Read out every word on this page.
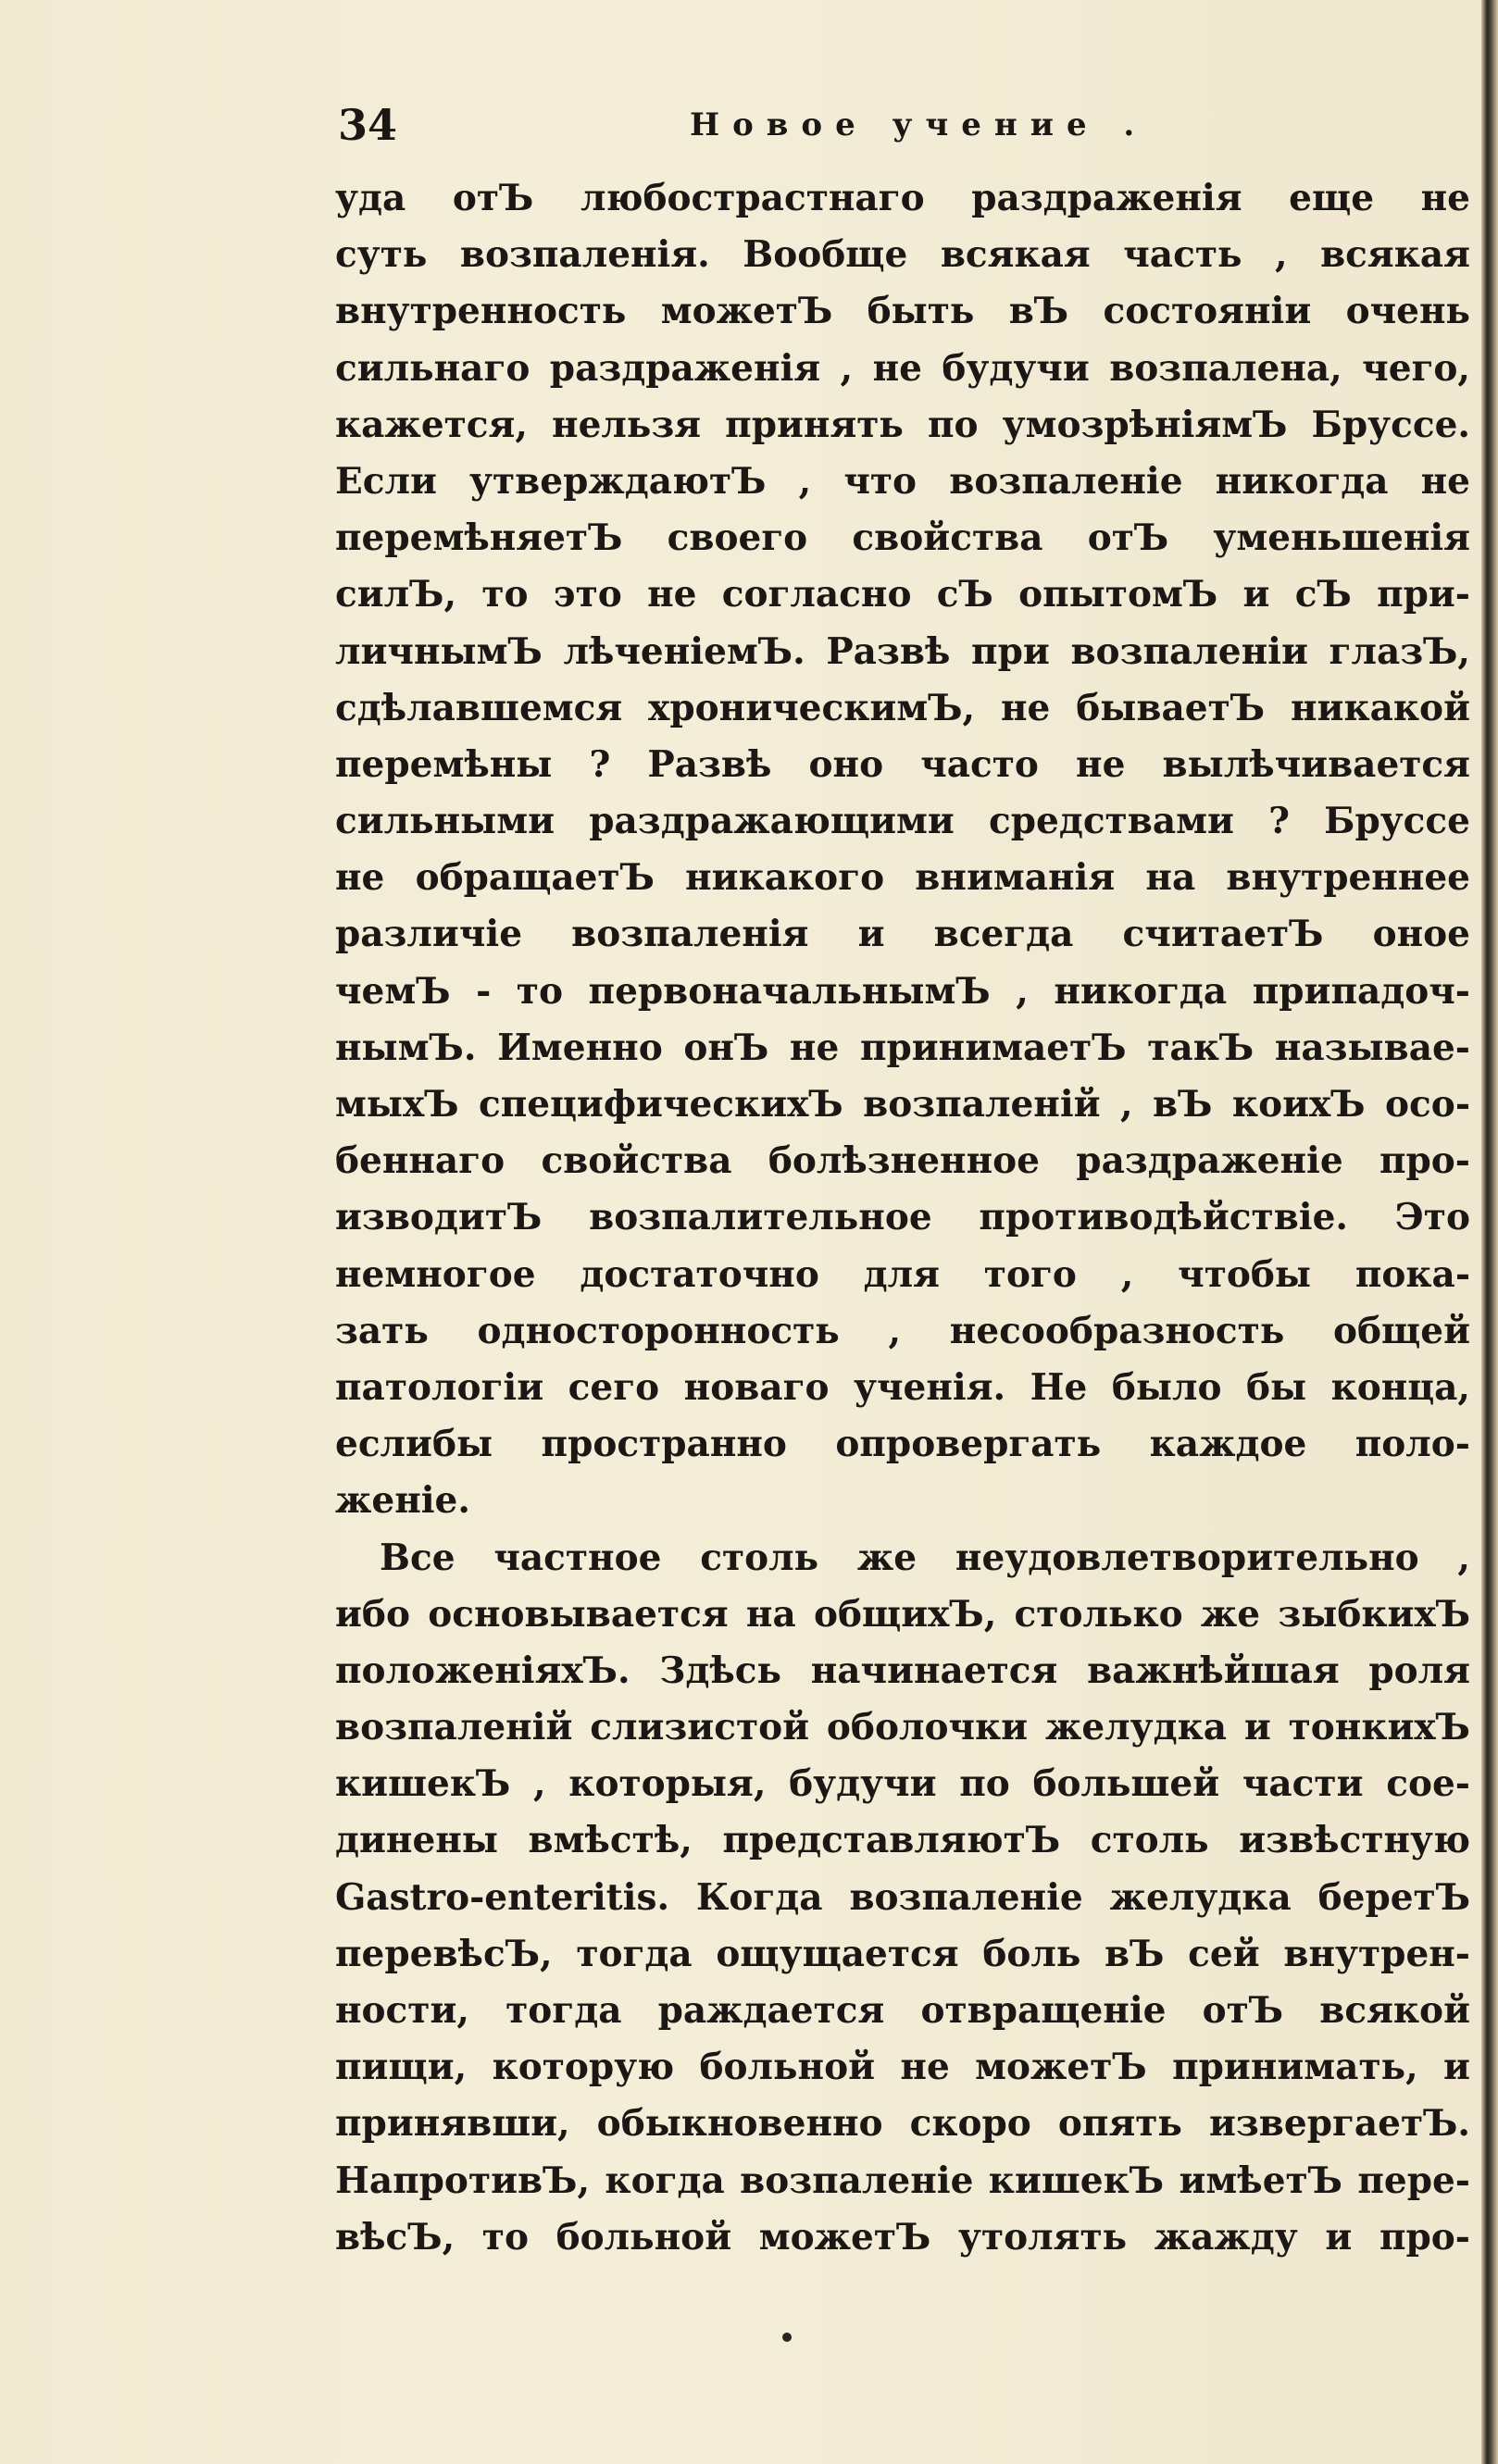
34	Новое учение .
уда отЪ любострастнаго раздраженія еще не
суть возпаленія. Вообще всякая часть , всякая
внутренность можетЪ быть вЪ состояніи очень
сильнаго раздраженія , не будучи возпалена, чего,
кажется, нельзя принять по умозрѣніямЪ Бруссе.
Если утверждаютЪ , что возпаленіе никогда не
перемѣняетЪ своего свойства отЪ уменьшенія
силЪ, то это не согласно сЪ опытомЪ и сЪ при-
личнымЪ лѣченіемЪ. Развѣ при возпаленіи глазЪ,
сдѣлавшемся хроническимЪ, не бываетЪ никакой
перемѣны ? Развѣ оно часто не вылѣчивается
сильными раздражающими средствами ? Бруссе
не обращаетЪ никакого вниманія на внутреннее
различіе возпаленія и всегда считаетЪ оное
чемЪ - то первоначальнымЪ , никогда припадоч-
нымЪ. Именно онЪ не принимаетЪ такЪ называе-
мыхЪ специфическихЪ возпаленій , вЪ коихЪ осо-
беннаго свойства болѣзненное раздраженіе про-
изводитЪ возпалительное противодѣйствіе. Это
немногое достаточно для того , чтобы пока-
зать односторонность , несообразность общей
патологіи сего новаго ученія. Не было бы конца,
еслибы пространно опровергать каждое поло-
женіе.
Все частное столь же неудовлетворительно ,
ибо основывается на общихЪ, столько же зыбкихЪ
положеніяхЪ. Здѣсь начинается важнѣйшая роля
возпаленій слизистой оболочки желудка и тонкихЪ
кишекЪ , которыя, будучи по большей части сое-
динены вмѣстѣ, представляютЪ столь извѣстную
Gastro-enteritis. Когда возпаленіе желудка беретЪ
перевѣсЪ, тогда ощущается боль вЪ сей внутрен-
ности, тогда раждается отвращеніе отЪ всякой
пищи, которую больной не можетЪ принимать, и
принявши, обыкновенно скоро опять извергаетЪ.
НапротивЪ, когда возпаленіе кишекЪ имѣетЪ пере-
вѣсЪ, то больной можетЪ утолять жажду и про-
